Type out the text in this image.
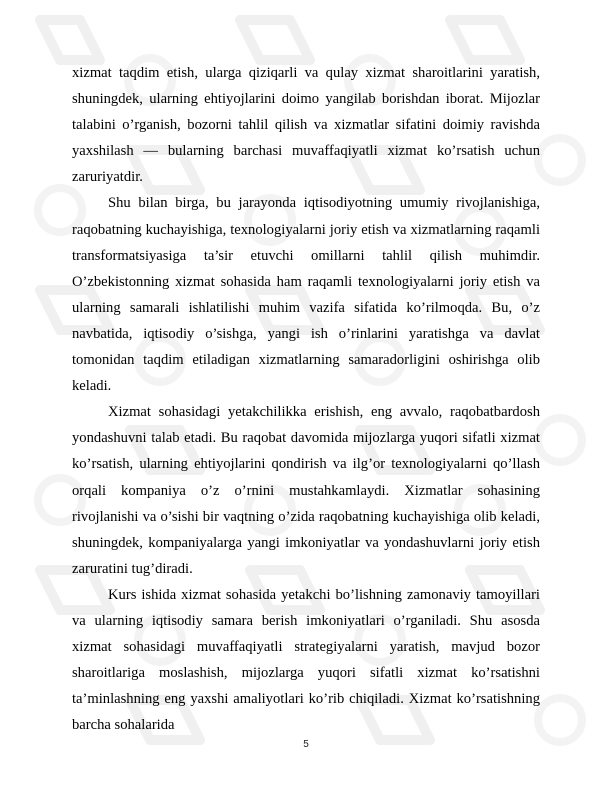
xizmat taqdim etish, ularga qiziqarli va qulay xizmat sharoitlarini yaratish, shuningdek, ularning ehtiyojlarini doimo yangilab borishdan iborat. Mijozlar talabini o’rganish, bozorni tahlil qilish va xizmatlar sifatini doimiy ravishda yaxshilash — bularning barchasi muvaffaqiyatli xizmat ko’rsatish uchun zaruriyatdir.

Shu bilan birga, bu jarayonda iqtisodiyotning umumiy rivojlanishiga, raqobatning kuchayishiga, texnologiyalarni joriy etish va xizmatlarning raqamli transformatsiyasiga ta’sir etuvchi omillarni tahlil qilish muhimdir. O’zbekistonning xizmat sohasida ham raqamli texnologiyalarni joriy etish va ularning samarali ishlatilishi muhim vazifa sifatida ko’rilmoqda. Bu, o’z navbatida, iqtisodiy o’sishga, yangi ish o’rinlarini yaratishga va davlat tomonidan taqdim etiladigan xizmatlarning samaradorligini oshirishga olib keladi.

Xizmat sohasidagi yetakchilikka erishish, eng avvalo, raqobatbardosh yondashuvni talab etadi. Bu raqobat davomida mijozlarga yuqori sifatli xizmat ko’rsatish, ularning ehtiyojlarini qondirish va ilg’or texnologiyalarni qo’llash orqali kompaniya o’z o’rnini mustahkamlaydi. Xizmatlar sohasining rivojlanishi va o’sishi bir vaqtning o’zida raqobatning kuchayishiga olib keladi, shuningdek, kompaniyalarga yangi imkoniyatlar va yondashuvlarni joriy etish zaruratini tug’diradi.

Kurs ishida xizmat sohasida yetakchi bo’lishning zamonaviy tamoyillari va ularning iqtisodiy samara berish imkoniyatlari o’rganiladi. Shu asosda xizmat sohasidagi muvaffaqiyatli strategiyalarni yaratish, mavjud bozor sharoitlariga moslashish, mijozlarga yuqori sifatli xizmat ko’rsatishni ta’minlashning eng yaxshi amaliyotlari ko’rib chiqiladi. Xizmat ko’rsatishning barcha sohalarida

5
